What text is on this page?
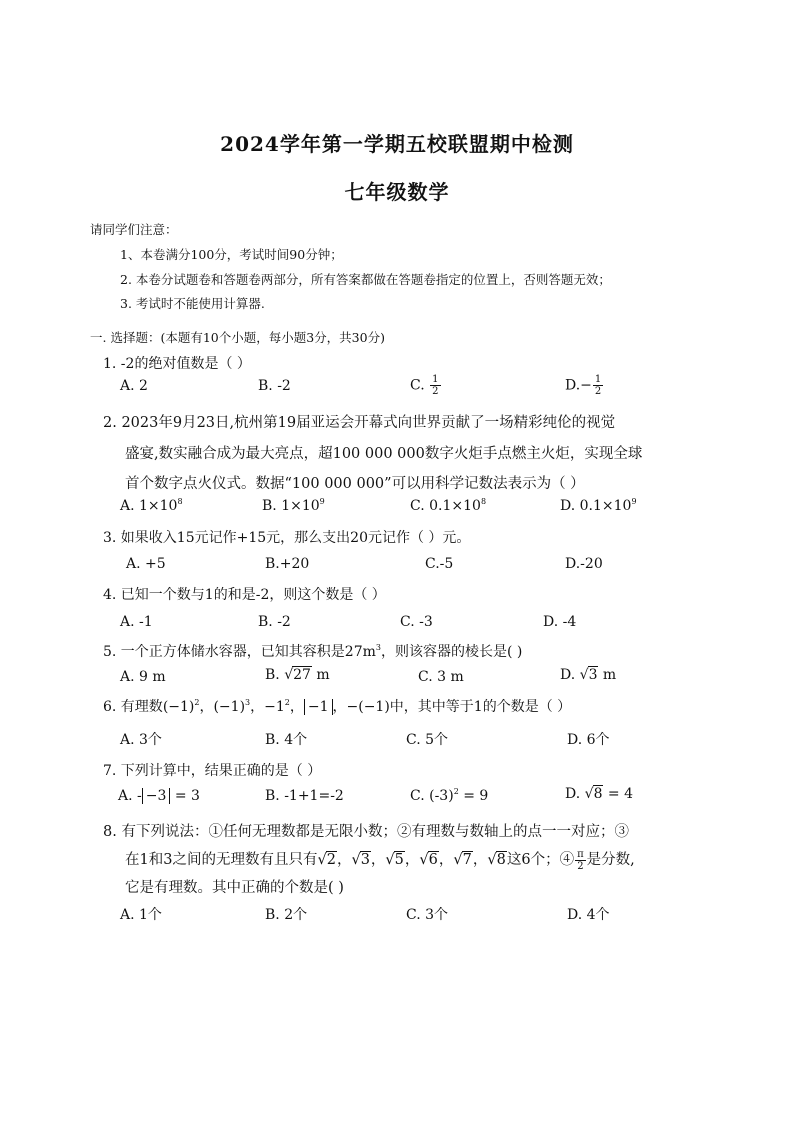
2024学年第一学期五校联盟期中检测
七年级数学
请同学们注意：
1、本卷满分100分，考试时间90分钟；
2. 本卷分试题卷和答题卷两部分，所有答案都做在答题卷指定的位置上，否则答题无效；
3. 考试时不能使用计算器.
一. 选择题：(本题有10个小题，每小题3分，共30分)
1. -2的绝对值数是（ ）
A. 2	B. -2	C. $\frac{1}{2}$	$D.- \frac{1}{2}$
2. 2023年9月23日,杭州第19届亚运会开幕式向世界贡献了一场精彩纯伦的视觉
盛宴,数实融合成为最大亮点，超100 000 000数字火炬手点燃主火炬，实现全球
首个数字点火仪式。数据“100 000 000”可以用科学记数法表示为（ ）
A. $1\times 10^8$	B. $1\times 10^9$	C. $0.1\times 10^8$	D. $0.1\times 10^9$
3. 如果收入15元记作+15元，那么支出20元记作（ ）元。
A. +5	B.+20	C.-5	D.-20
4. 已知一个数与1的和是-2，则这个数是（ ）
A. -1	B. -2	C. -3	D. -4
5. 一个正方体储水容器，已知其容积是$27m^3$，则该容器的棱长是( )
A. 9 m	B. √27 m	C. 3 m	D. √3 m
6. 有理数$(-1)^2$，$(-1)^3$，$-1^2$， −1 ，−(−1)中，其中等于1的个数是（ ）
A. 3个	B. 4个	C. 5个	D. 6个
7. 下列计算中，结果正确的是（ ）
A. - −3 = 3	B. -1+1=-2	C. $(-3)^2 = 9$	D. √8 = 4
8. 有下列说法：①任何无理数都是无限小数；②有理数与数轴上的点一一对应；③
在1和3之间的无理数有且只有√2，√3，√5，√6，√7，√8这6个；④ $\frac{\pi}{2}$ 是分数,
它是有理数。其中正确的个数是( )
A. 1个	B. 2个	C. 3个	D. 4个
